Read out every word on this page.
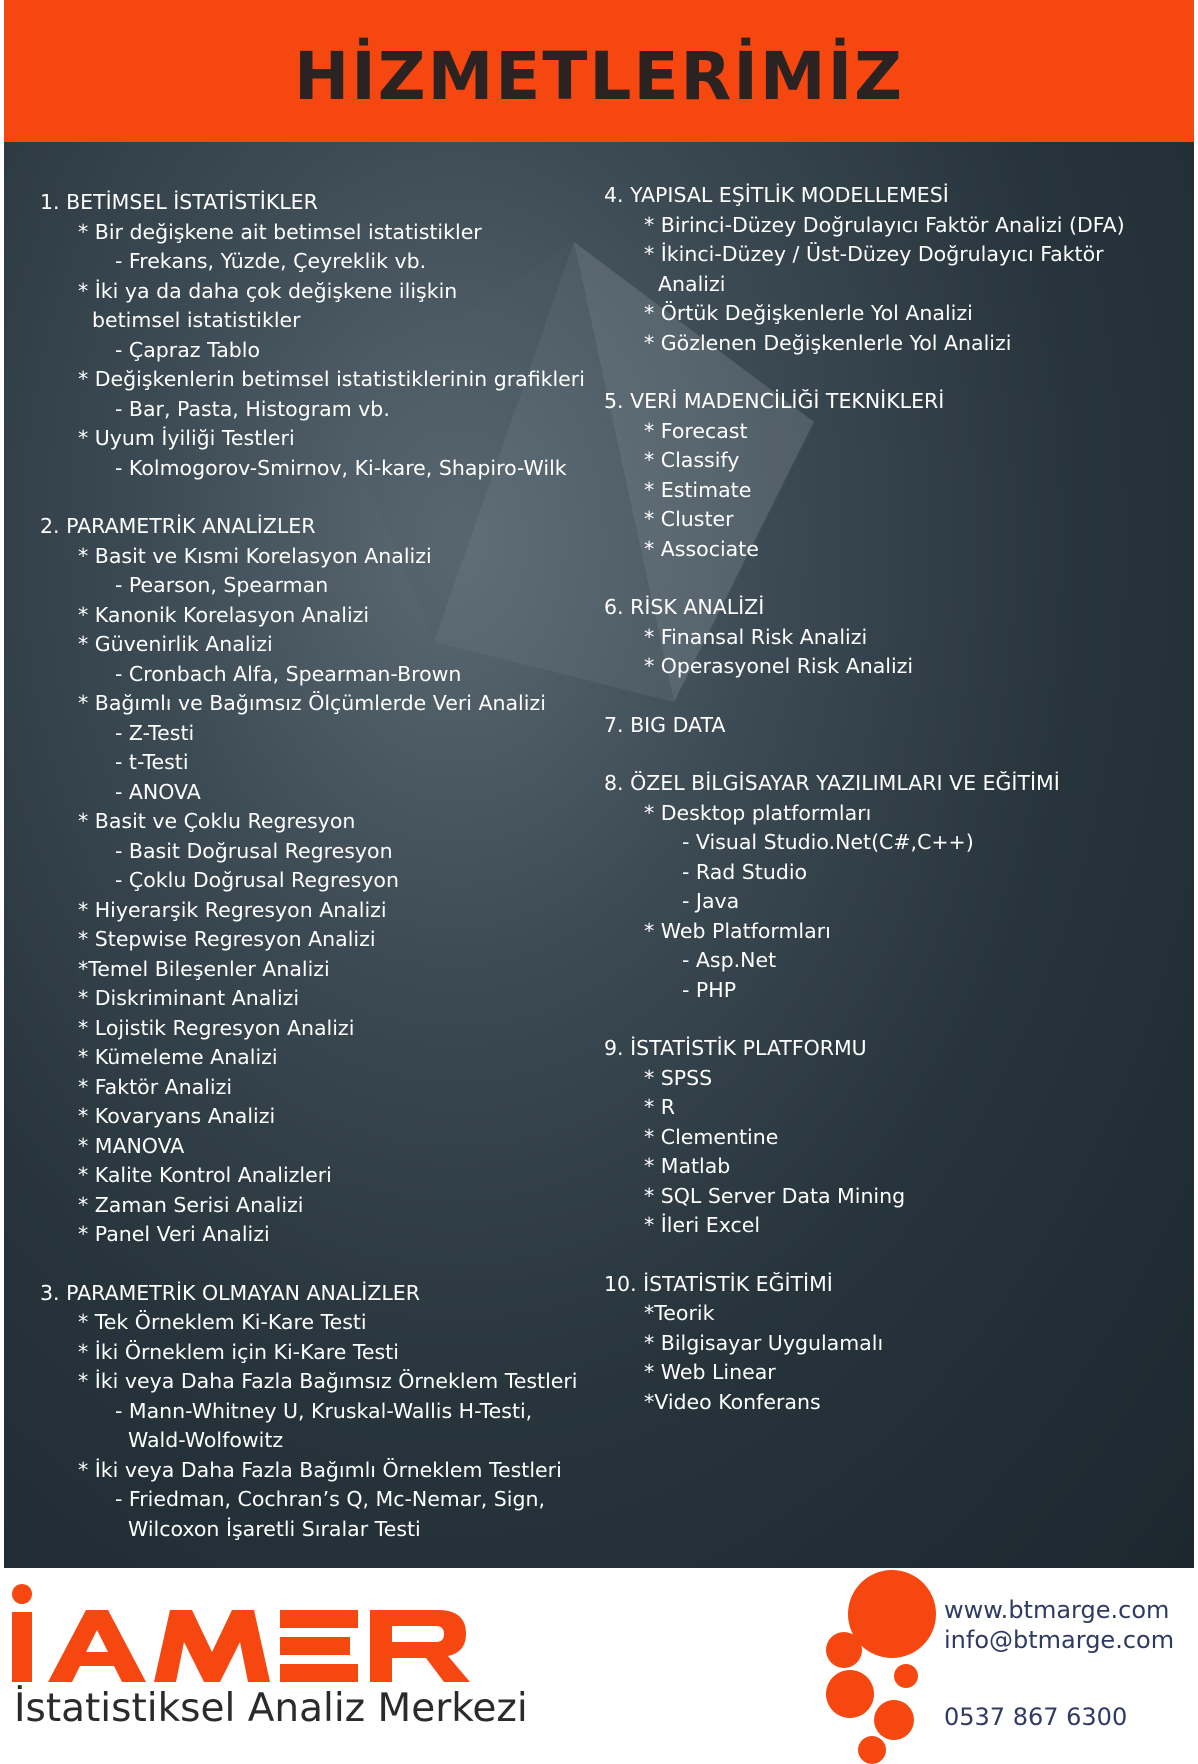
HİZMETLERİMİZ
1. BETİMSEL İSTATİSTİKLER
* Bir değişkene ait betimsel istatistikler
- Frekans, Yüzde, Çeyreklik vb.
* İki ya da daha çok değişkene ilişkin betimsel istatistikler
- Çapraz Tablo
* Değişkenlerin betimsel istatistiklerinin grafikleri
- Bar, Pasta, Histogram vb.
* Uyum İyiliği Testleri
- Kolmogorov-Smirnov, Ki-kare, Shapiro-Wilk
2. PARAMETRİK ANALİZLER
* Basit ve Kısmi Korelasyon Analizi
- Pearson, Spearman
* Kanonik Korelasyon Analizi
* Güvenirlik Analizi
- Cronbach Alfa, Spearman-Brown
* Bağımlı ve Bağımsız Ölçümlerde Veri Analizi
- Z-Testi
- t-Testi
- ANOVA
* Basit ve Çoklu Regresyon
- Basit Doğrusal Regresyon
- Çoklu Doğrusal Regresyon
* Hiyerarşik Regresyon Analizi
* Stepwise Regresyon Analizi
*Temel Bileşenler Analizi
* Diskriminant Analizi
* Lojistik Regresyon Analizi
* Kümeleme Analizi
* Faktör Analizi
* Kovaryans Analizi
* MANOVA
* Kalite Kontrol Analizleri
* Zaman Serisi Analizi
* Panel Veri Analizi
3. PARAMETRİK OLMAYAN ANALİZLER
* Tek Örneklem Ki-Kare Testi
* İki Örneklem için Ki-Kare Testi
* İki veya Daha Fazla Bağımsız Örneklem Testleri
- Mann-Whitney U, Kruskal-Wallis H-Testi, Wald-Wolfowitz
* İki veya Daha Fazla Bağımlı Örneklem Testleri
- Friedman, Cochran’s Q, Mc-Nemar, Sign, Wilcoxon İşaretli Sıralar Testi
4. YAPISAL EŞİTLİK MODELLEMESİ
* Birinci-Düzey Doğrulayıcı Faktör Analizi (DFA)
* İkinci-Düzey / Üst-Düzey Doğrulayıcı Faktör Analizi
* Örtük Değişkenlerle Yol Analizi
* Gözlenen Değişkenlerle Yol Analizi
5. VERİ MADENCİLİĞİ TEKNİKLERİ
* Forecast
* Classify
* Estimate
* Cluster
* Associate
6. RİSK ANALİZİ
* Finansal Risk Analizi
* Operasyonel Risk Analizi
7. BIG DATA
8. ÖZEL BİLGİSAYAR YAZILIMLARI VE EĞİTİMİ
* Desktop platformları
- Visual Studio.Net(C#,C++)
- Rad Studio
- Java
* Web Platformları
- Asp.Net
- PHP
9. İSTATİSTİK PLATFORMU
* SPSS
* R
* Clementine
* Matlab
* SQL Server Data Mining
* İleri Excel
10. İSTATİSTİK EĞİTİMİ
*Teorik
* Bilgisayar Uygulamalı
* Web Linear
*Video Konferans
İstatistiksel Analiz Merkezi
www.btmarge.com
info@btmarge.com
0537 867 6300
